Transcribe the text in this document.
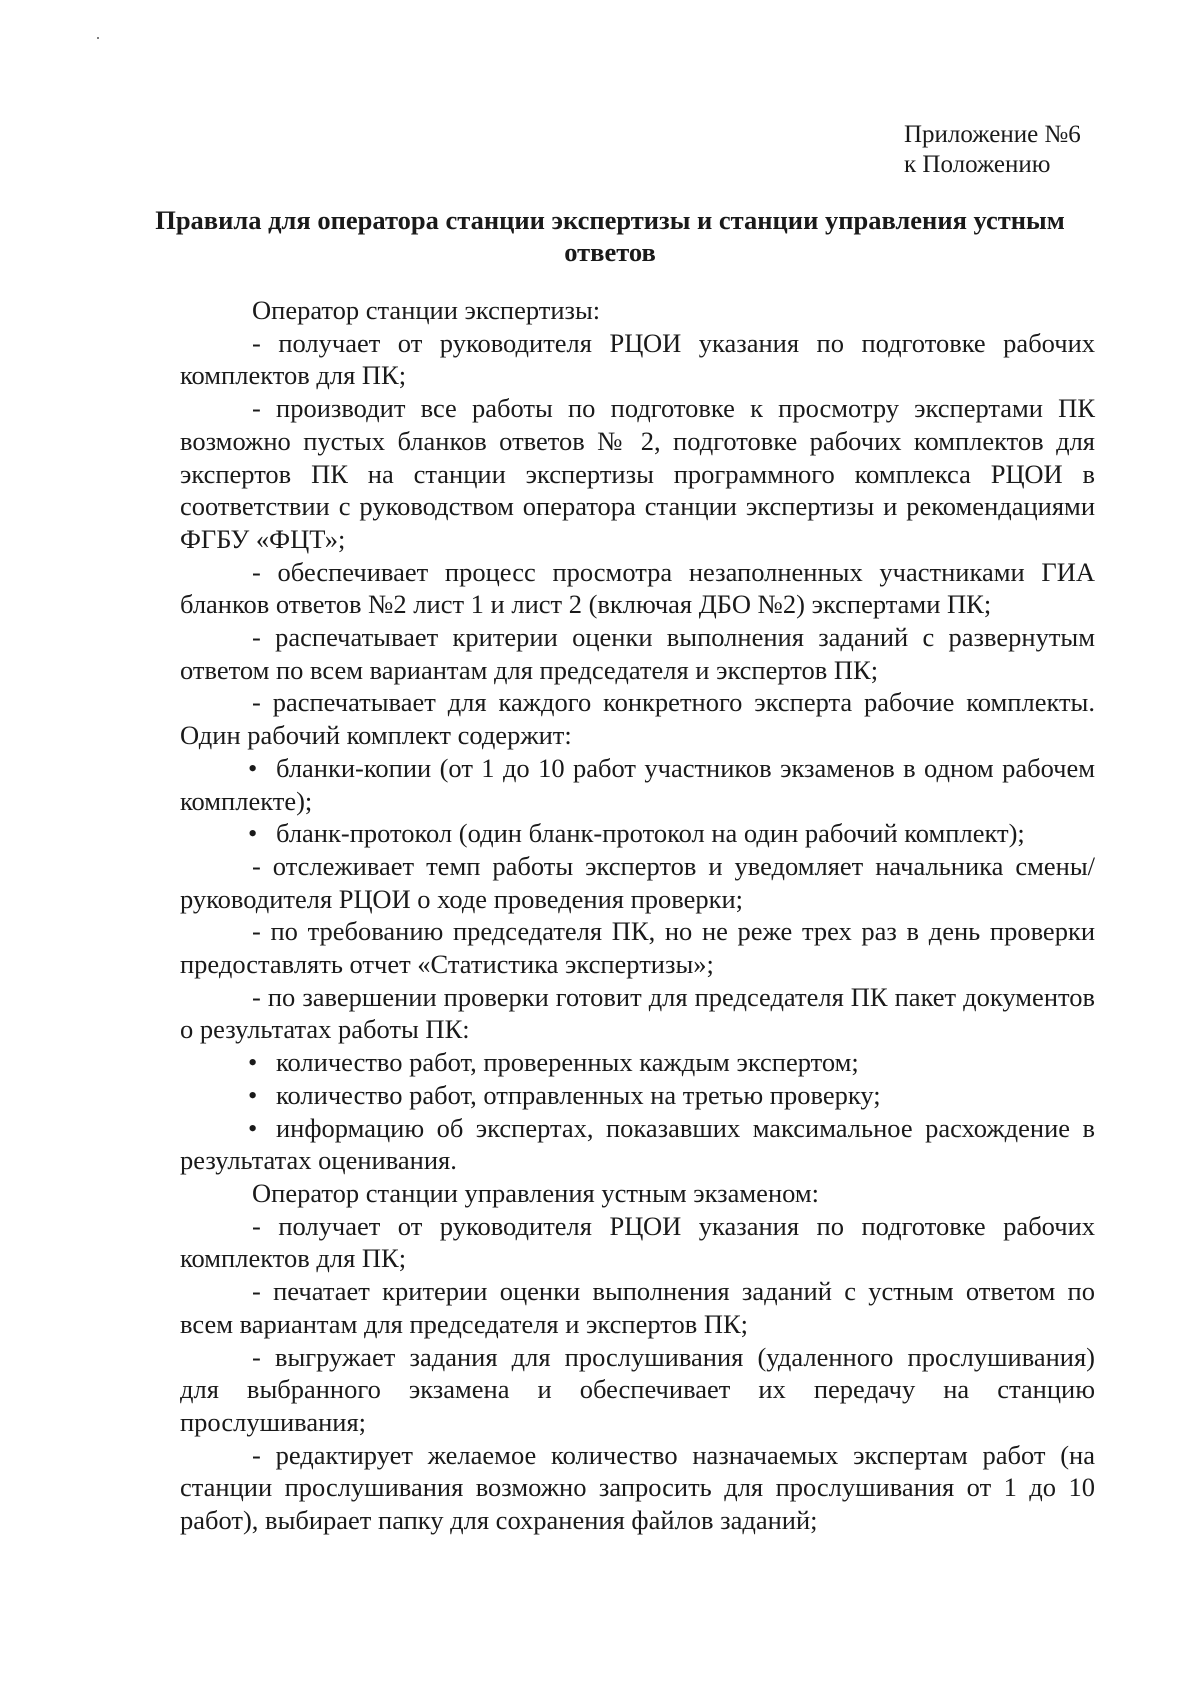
Приложение №6
к Положению
Правила для оператора станции экспертизы и станции управления устным ответов

Оператор станции экспертизы:

- получает от руководителя РЦОИ указания по подготовке рабочих комплектов для ПК;

- производит все работы по подготовке к просмотру экспертами ПК возможно пустых бланков ответов № 2, подготовке рабочих комплектов для экспертов ПК на станции экспертизы программного комплекса РЦОИ в соответствии с руководством оператора станции экспертизы и рекомендациями ФГБУ «ФЦТ»;

- обеспечивает процесс просмотра незаполненных участниками ГИА бланков ответов №2 лист 1 и лист 2 (включая ДБО №2) экспертами ПК;

- распечатывает критерии оценки выполнения заданий с развернутым ответом по всем вариантам для председателя и экспертов ПК;

- распечатывает для каждого конкретного эксперта рабочие комплекты. Один рабочий комплект содержит:

• бланки-копии (от 1 до 10 работ участников экзаменов в одном рабочем комплекте);

• бланк-протокол (один бланк-протокол на один рабочий комплект);

- отслеживает темп работы экспертов и уведомляет начальника смены/руководителя РЦОИ о ходе проведения проверки;

- по требованию председателя ПК, но не реже трех раз в день проверки предоставлять отчет «Статистика экспертизы»;

- по завершении проверки готовит для председателя ПК пакет документов о результатах работы ПК:

• количество работ, проверенных каждым экспертом;

• количество работ, отправленных на третью проверку;

• информацию об экспертах, показавших максимальное расхождение в результатах оценивания.

Оператор станции управления устным экзаменом:

- получает от руководителя РЦОИ указания по подготовке рабочих комплектов для ПК;

- печатает критерии оценки выполнения заданий с устным ответом по всем вариантам для председателя и экспертов ПК;

- выгружает задания для прослушивания (удаленного прослушивания) для выбранного экзамена и обеспечивает их передачу на станцию прослушивания;

- редактирует желаемое количество назначаемых экспертам работ (на станции прослушивания возможно запросить для прослушивания от 1 до 10 работ), выбирает папку для сохранения файлов заданий;
